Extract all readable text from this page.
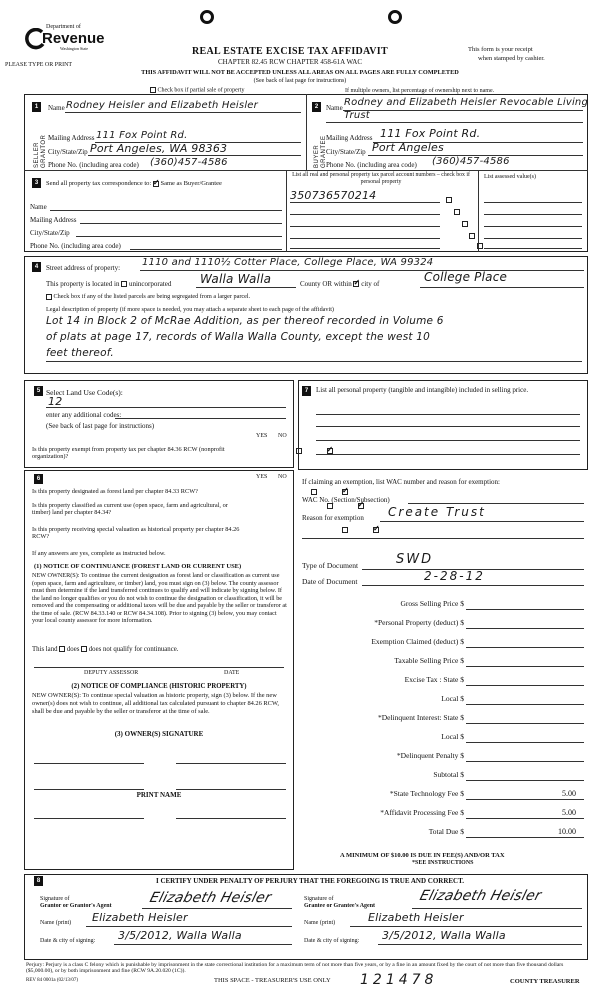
Department of
Revenue
Washington State
PLEASE TYPE OR PRINT
REAL ESTATE EXCISE TAX AFFIDAVIT
CHAPTER 82.45 RCW CHAPTER 458-61A WAC
This form is your receipt
when stamped by cashier.
THIS AFFIDAVIT WILL NOT BE ACCEPTED UNLESS ALL AREAS ON ALL PAGES ARE FULLY COMPLETED
(See back of last page for instructions)
Check box if partial sale of property	If multiple owners, list percentage of ownership next to name.
1
SELLER GRANTOR
Name Rodney Heisler and Elizabeth Heisler
Mailing Address 111 Fox Point Rd.
City/State/Zip Port Angeles, WA 98363
Phone No. (including area code) (360)457-4586
2
BUYER GRANTEE
Name Rodney and Elizabeth Heisler Revocable Living
Trust
Mailing Address 111 Fox Point Rd.
City/State/Zip Port Angeles
Phone No. (including area code) (360)457-4586
3	Send all property tax correspondence to: ✓ Same as Buyer/Grantee
Name
Mailing Address
City/State/Zip
Phone No. (including area code)
List all real and personal property tax parcel account numbers – check box if personal property
List assessed value(s)
350736570214

4	Street address of property: 1110 and 1110½ Cotter Place, College Place, WA 99324
This property is located in unincorporated Walla Walla	County OR within ✓ city of	College Place
Check box if any of the listed parcels are being segregated from a larger parcel.
Legal description of property (if more space is needed, you may attach a separate sheet to each page of the affidavit)
Lot 14 in Block 2 of McRae Addition, as per thereof recorded in Volume 6
of plats at page 17, records of Walla Walla County, except the west 10
feet thereof.
5 Select Land Use Code(s):
12
enter any additional codes:
(See back of last page for instructions)
YES NO
Is this property exempt from property tax per chapter 84.36 RCW (nonprofit organization)?
✓
6	YES NO
Is this property designated as forest land per chapter 84.33 RCW?
✓
Is this property classified as current use (open space, farm and agricultural, or timber) land per chapter 84.34?
✓
Is this property receiving special valuation as historical property per chapter 84.26 RCW?
✓
If any answers are yes, complete as instructed below.
(1) NOTICE OF CONTINUANCE (FOREST LAND OR CURRENT USE)
NEW OWNER(S): To continue the current designation as forest land or classification as current use (open space, farm and agriculture, or timber) land, you must sign on (3) below. The county assessor must then determine if the land transferred continues to qualify and will indicate by signing below. If the land no longer qualifies or you do not wish to continue the designation or classification, it will be removed and the compensating or additional taxes will be due and payable by the seller or transferor at the time of sale. (RCW 84.33.140 or RCW 84.34.108). Prior to signing (3) below, you may contact your local county assessor for more information.
This land does does not qualify for continuance.
DEPUTY ASSESSOR	DATE
(2) NOTICE OF COMPLIANCE (HISTORIC PROPERTY)
NEW OWNER(S): To continue special valuation as historic property, sign (3) below. If the new owner(s) does not wish to continue, all additional tax calculated pursuant to chapter 84.26 RCW, shall be due and payable by the seller or transferor at the time of sale.
(3) OWNER(S) SIGNATURE
PRINT NAME
7	List all personal property (tangible and intangible) included in selling price.
If claiming an exemption, list WAC number and reason for exemption:
WAC No. (Section/Subsection)
Reason for exemption Create Trust
Type of Document	SWD
Date of Document	2-28-12
Gross Selling Price $
*Personal Property (deduct) $
Exemption Claimed (deduct) $
Taxable Selling Price $
Excise Tax : State $
Local $
*Delinquent Interest: State $
Local $
*Delinquent Penalty $
Subtotal $
*State Technology Fee $	5.00
*Affidavit Processing Fee $	5.00
Total Due $	10.00
A MINIMUM OF $10.00 IS DUE IN FEE(S) AND/OR TAX
*SEE INSTRUCTIONS
8	I CERTIFY UNDER PENALTY OF PERJURY THAT THE FOREGOING IS TRUE AND CORRECT.
Signature of
Grantor or Grantor's Agent	Elizabeth Heisler
Name (print) Elizabeth Heisler
Date & city of signing: 3/5/2012, Walla Walla
Signature of
Grantee or Grantee's Agent
Elizabeth Heisler
Name (print)	Elizabeth Heisler
Date & city of signing: 3/5/2012, Walla Walla
Perjury: Perjury is a class C felony which is punishable by imprisonment in the state correctional institution for a maximum term of not more than five years, or by a fine in an amount fixed by the court of not more than five thousand dollars ($5,000.00), or by both imprisonment and fine (RCW 9A.20.020 (1C)).
REV 84 0001a (02/13/07)	THIS SPACE - TREASURER'S USE ONLY 121478	COUNTY TREASURER
